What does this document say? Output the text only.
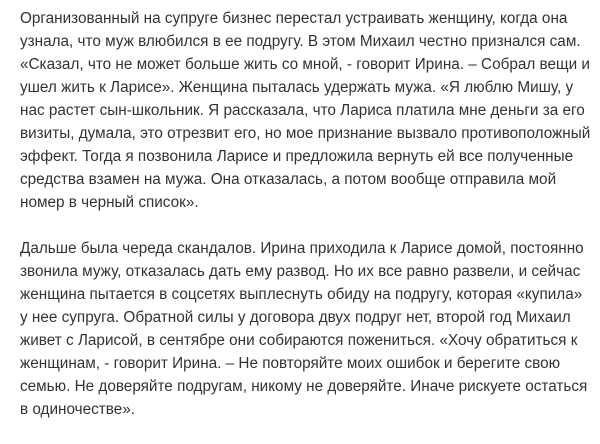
Организованный на супруге бизнес перестал устраивать женщину, когда она
узнала, что муж влюбился в ее подругу. В этом Михаил честно признался сам.
«Сказал, что не может больше жить со мной, - говорит Ирина. – Собрал вещи и
ушел жить к Ларисе». Женщина пыталась удержать мужа. «Я люблю Мишу, у
нас растет сын-школьник. Я рассказала, что Лариса платила мне деньги за его
визиты, думала, это отрезвит его, но мое признание вызвало противоположный
эффект. Тогда я позвонила Ларисе и предложила вернуть ей все полученные
средства взамен на мужа. Она отказалась, а потом вообще отправила мой
номер в черный список».

Дальше была череда скандалов. Ирина приходила к Ларисе домой, постоянно
звонила мужу, отказалась дать ему развод. Но их все равно развели, и сейчас
женщина пытается в соцсетях выплеснуть обиду на подругу, которая «купила»
у нее супруга. Обратной силы у договора двух подруг нет, второй год Михаил
живет с Ларисой, в сентябре они собираются пожениться. «Хочу обратиться к
женщинам, - говорит Ирина. – Не повторяйте моих ошибок и берегите свою
семью. Не доверяйте подругам, никому не доверяйте. Иначе рискуете остаться
в одиночестве».
